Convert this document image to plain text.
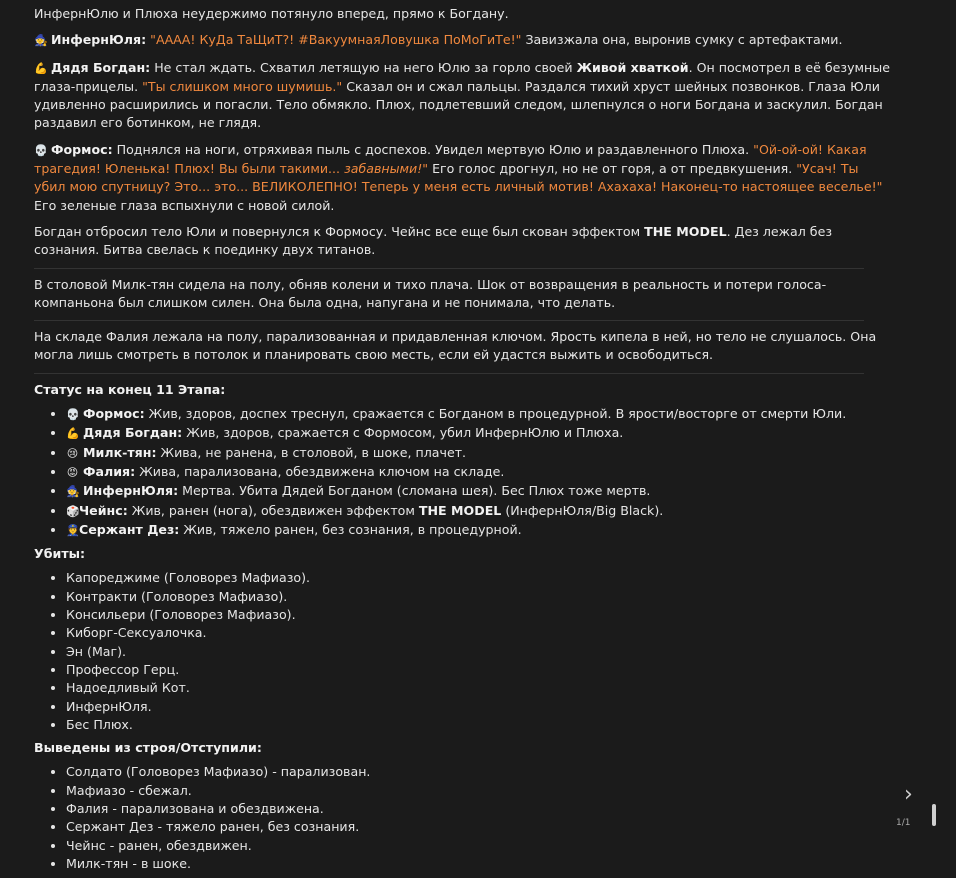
ИнфернЮлю и Плюха неудержимо потянуло вперед, прямо к Богдану.

🧙 ИнфернЮля: "АААА! КуДа ТаЩиТ?! #ВакуумнаяЛовушка ПоМоГиТе!" Завизжала она, выронив сумку с артефактами.

💪 Дядя Богдан: Не стал ждать. Схватил летящую на него Юлю за горло своей Живой хваткой. Он посмотрел в её безумные глаза-прицелы. "Ты слишком много шумишь." Сказал он и сжал пальцы. Раздался тихий хруст шейных позвонков. Глаза Юли удивленно расширились и погасли. Тело обмякло. Плюх, подлетевший следом, шлепнулся о ноги Богдана и заскулил. Богдан раздавил его ботинком, не глядя.

💀 Формос: Поднялся на ноги, отряхивая пыль с доспехов. Увидел мертвую Юлю и раздавленного Плюха. "Ой-ой-ой! Какая трагедия! Юленька! Плюх! Вы были такими... забавными!" Его голос дрогнул, но не от горя, а от предвкушения. "Усач! Ты убил мою спутницу? Это... это... ВЕЛИКОЛЕПНО! Теперь у меня есть личный мотив! Ахахаха! Наконец-то настоящее веселье!" Его зеленые глаза вспыхнули с новой силой.

Богдан отбросил тело Юли и повернулся к Формосу. Чейнс все еще был скован эффектом THE MODEL. Дез лежал без сознания. Битва свелась к поединку двух титанов.

В столовой Милк-тян сидела на полу, обняв колени и тихо плача. Шок от возвращения в реальность и потери голоса-компаньона был слишком силен. Она была одна, напугана и не понимала, что делать.

На складе Фалия лежала на полу, парализованная и придавленная ключом. Ярость кипела в ней, но тело не слушалось. Она могла лишь смотреть в потолок и планировать свою месть, если ей удастся выжить и освободиться.

Статус на конец 11 Этапа:
• 💀 Формос: Жив, здоров, доспех треснул, сражается с Богданом в процедурной. В ярости/восторге от смерти Юли.
• 💪 Дядя Богдан: Жив, здоров, сражается с Формосом, убил ИнфернЮлю и Плюха.
• 😢 Милк-тян: Жива, не ранена, в столовой, в шоке, плачет.
• 😡 Фалия: Жива, парализована, обездвижена ключом на складе.
• 🧙 ИнфернЮля: Мертва. Убита Дядей Богданом (сломана шея). Бес Плюх тоже мертв.
• 🎲Чейнс: Жив, ранен (нога), обездвижен эффектом THE MODEL (ИнфернЮля/Big Black).
• 👮Сержант Дез: Жив, тяжело ранен, без сознания, в процедурной.
Убиты:
• Капореджиме (Головорез Мафиазо).
• Контракти (Головорез Мафиазо).
• Консильери (Головорез Мафиазо).
• Киборг-Сексуалочка.
• Эн (Маг).
• Профессор Герц.
• Надоедливый Кот.
• ИнфернЮля.
• Бес Плюх.
Выведены из строя/Отступили:
• Солдато (Головорез Мафиазо) - парализован.
• Мафиазо - сбежал.
• Фалия - парализована и обездвижена.
• Сержант Дез - тяжело ранен, без сознания.
• Чейнс - ранен, обездвижен.
• Милк-тян - в шоке.
›
1/1
